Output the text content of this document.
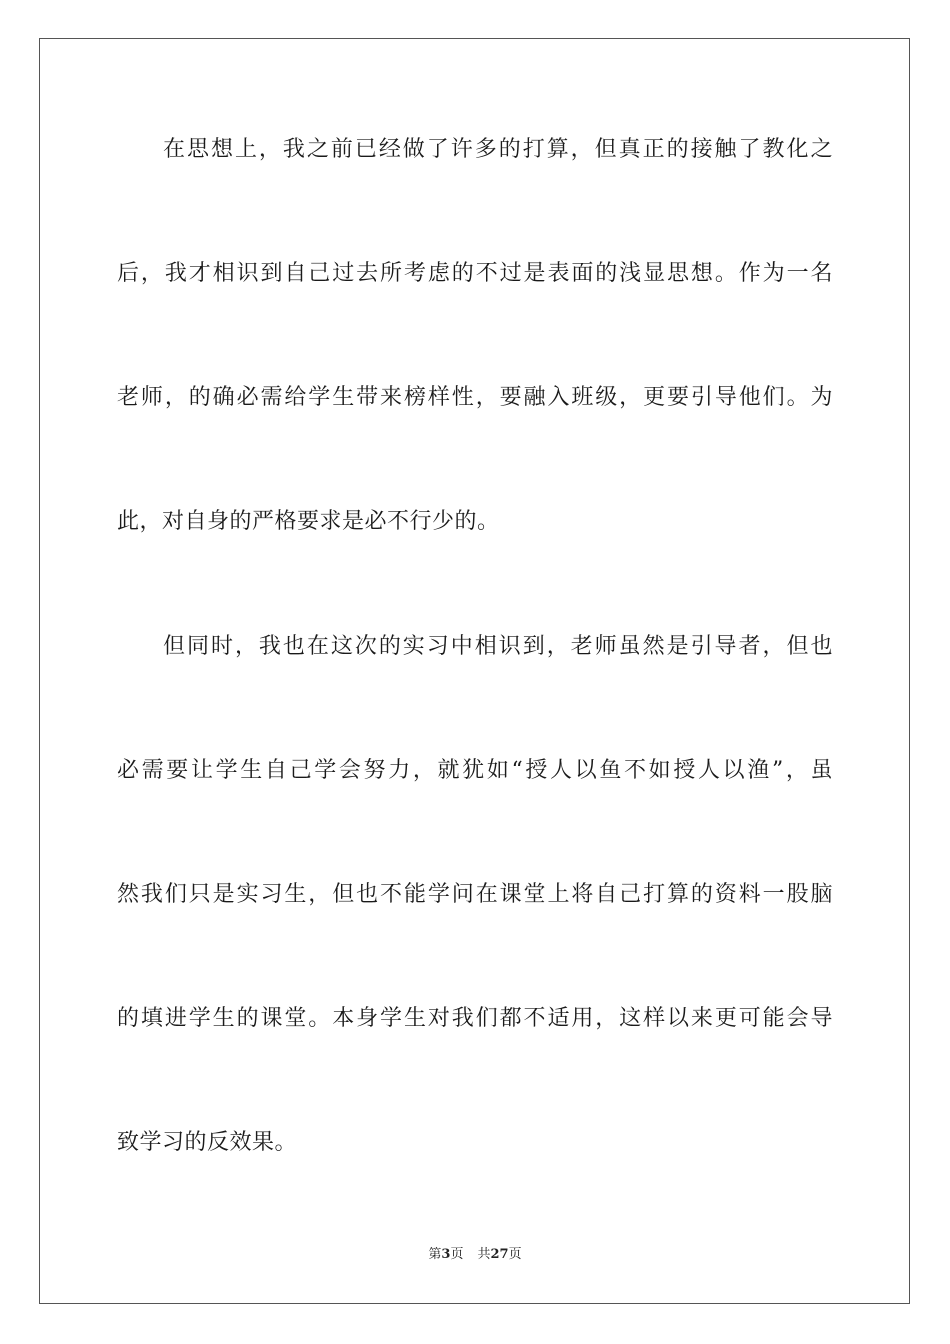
在思想上，我之前已经做了许多的打算，但真正的接触了教化之
后，我才相识到自己过去所考虑的不过是表面的浅显思想。作为一名
老师，的确必需给学生带来榜样性，要融入班级，更要引导他们。为
此，对自身的严格要求是必不行少的。
但同时，我也在这次的实习中相识到，老师虽然是引导者，但也
必需要让学生自己学会努力，就犹如“授人以鱼不如授人以渔”，虽
然我们只是实习生，但也不能学问在课堂上将自己打算的资料一股脑
的填进学生的课堂。本身学生对我们都不适用，这样以来更可能会导
致学习的反效果。
第3页 共27页
